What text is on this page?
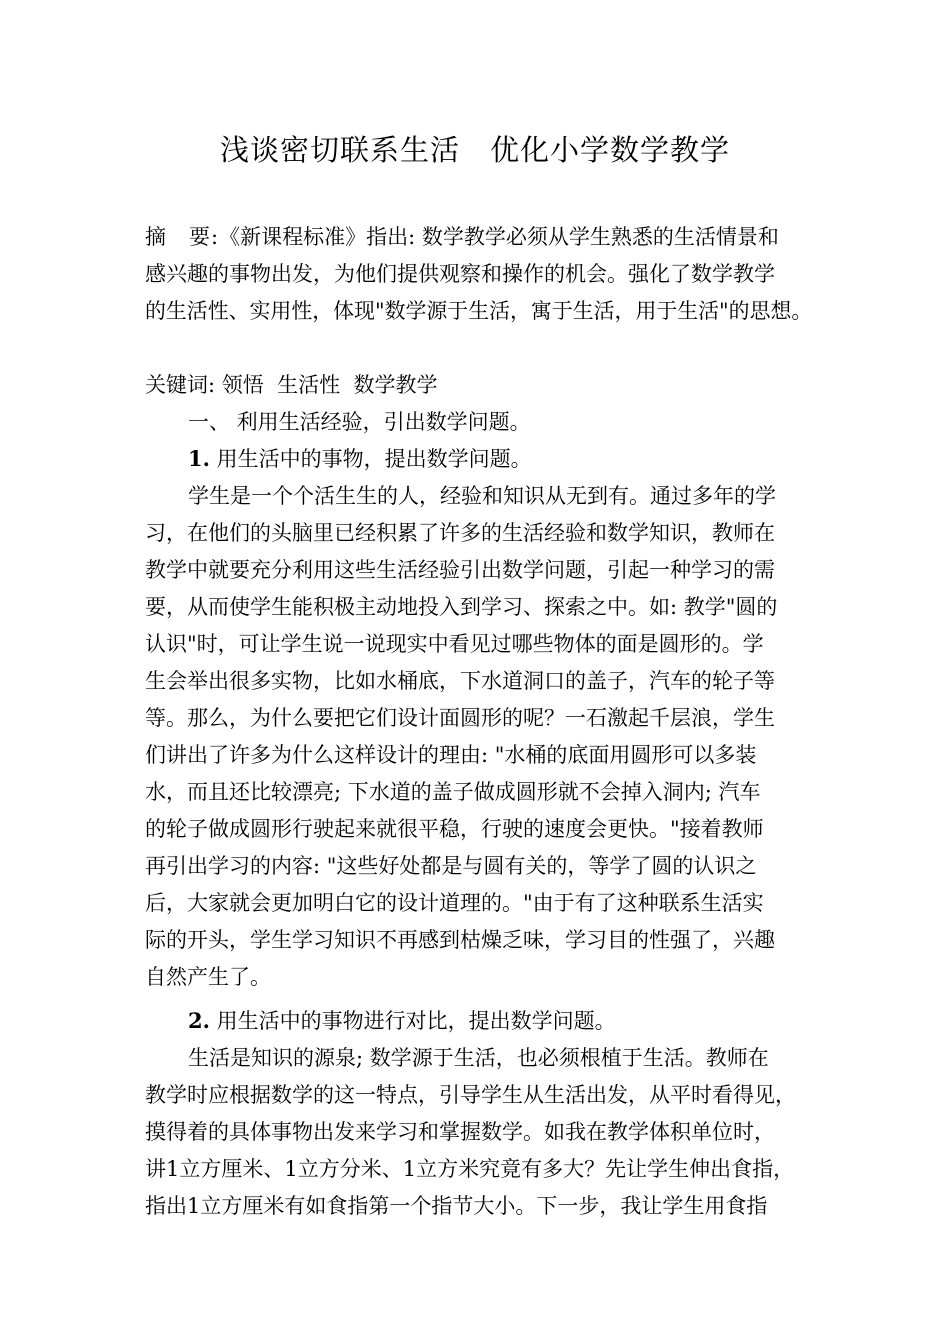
浅谈密切联系生活　优化小学数学教学
摘　要:《新课程标准》指出: 数学教学必须从学生熟悉的生活情景和
感兴趣的事物出发，为他们提供观察和操作的机会。强化了数学教学
的生活性、实用性，体现"数学源于生活，寓于生活，用于生活"的思想。
关键词: 领悟  生活性  数学教学
一、 利用生活经验，引出数学问题。
1. 用生活中的事物，提出数学问题。
学生是一个个活生生的人，经验和知识从无到有。通过多年的学
习，在他们的头脑里已经积累了许多的生活经验和数学知识，教师在
教学中就要充分利用这些生活经验引出数学问题，引起一种学习的需
要，从而使学生能积极主动地投入到学习、探索之中。如: 教学"圆的
认识"时，可让学生说一说现实中看见过哪些物体的面是圆形的。学
生会举出很多实物，比如水桶底，下水道洞口的盖子，汽车的轮子等
等。那么，为什么要把它们设计面圆形的呢？一石激起千层浪，学生
们讲出了许多为什么这样设计的理由: "水桶的底面用圆形可以多装
水，而且还比较漂亮; 下水道的盖子做成圆形就不会掉入洞内; 汽车
的轮子做成圆形行驶起来就很平稳，行驶的速度会更快。"接着教师
再引出学习的内容: "这些好处都是与圆有关的，等学了圆的认识之
后，大家就会更加明白它的设计道理的。"由于有了这种联系生活实
际的开头，学生学习知识不再感到枯燥乏味，学习目的性强了，兴趣
自然产生了。
2. 用生活中的事物进行对比，提出数学问题。
生活是知识的源泉; 数学源于生活，也必须根植于生活。教师在
教学时应根据数学的这一特点，引导学生从生活出发，从平时看得见，
摸得着的具体事物出发来学习和掌握数学。如我在教学体积单位时，
讲1立方厘米、1立方分米、1立方米究竟有多大？先让学生伸出食指，
指出1立方厘米有如食指第一个指节大小。下一步，我让学生用食指
